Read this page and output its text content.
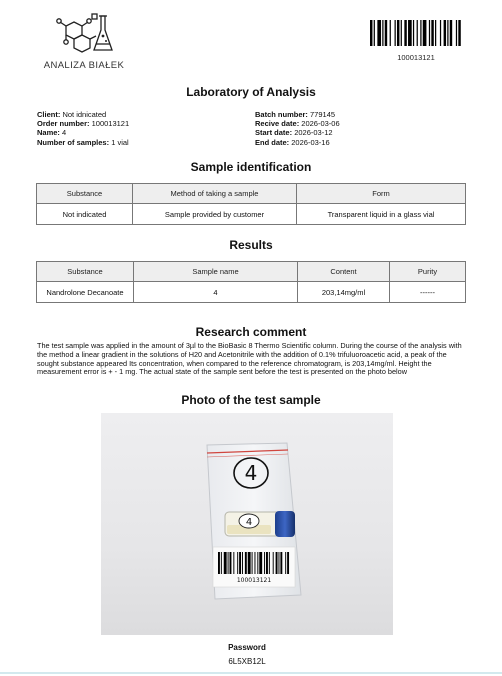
ANALIZA BIAŁEK
100013121
Laboratory of Analysis
Client: Not idnicated
Order number: 100013121
Name: 4
Number of samples: 1 vial
Batch number: 779145
Recive date: 2026-03-06
Start date: 2026-03-12
End date: 2026-03-16
Sample identification
Substance	Method of taking a sample	Form
Not indicated	Sample provided by customer	Transparent liquid in a glass vial
Results
Substance	Sample name	Content	Purity
Nandrolone Decanoate	4	203,14mg/ml	------
Research comment
The test sample was applied in the amount of 3µl to the BioBasic 8 Thermo Scientific column. During the course of the analysis with the method a linear gradient in the solutions of H20 and Acetonitrile with the addition of 0.1% trifuluoroacetic acid, a peak of the sought substance appeared Its concentration, when compared to the reference chromatogram, is 203,14mg/ml. Height the measurement error is + - 1 mg. The actual state of the sample sent before the test is presented on the photo below
Photo of the test sample
4
4
100013121
Password
6L5XB12L
